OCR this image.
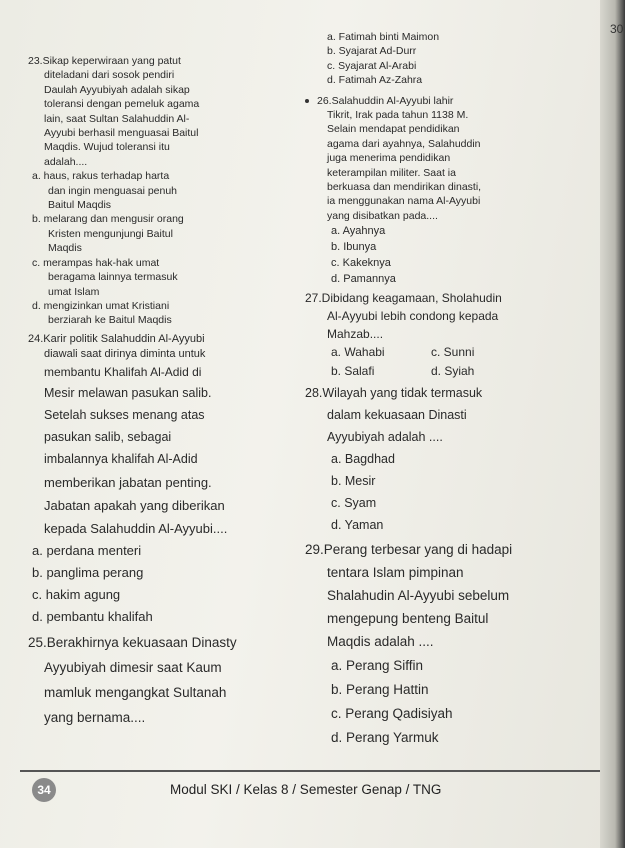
23.Sikap keperwiraan yang patut
diteladani dari sosok pendiri
Daulah Ayyubiyah adalah sikap
toleransi dengan pemeluk agama
lain, saat Sultan Salahuddin Al-
Ayyubi berhasil menguasai Baitul
Maqdis. Wujud toleransi itu
adalah....
a. haus, rakus terhadap harta
dan ingin menguasai penuh
Baitul Maqdis
b. melarang dan mengusir orang
Kristen mengunjungi Baitul
Maqdis
c. merampas hak-hak umat
beragama lainnya termasuk
umat Islam
d. mengizinkan umat Kristiani
berziarah ke Baitul Maqdis
24.Karir politik Salahuddin Al-Ayyubi
diawali saat dirinya diminta untuk
membantu Khalifah Al-Adid di
Mesir melawan pasukan salib.
Setelah sukses menang atas
pasukan salib, sebagai
imbalannya khalifah Al-Adid
memberikan jabatan penting.
Jabatan apakah yang diberikan
kepada Salahuddin Al-Ayyubi....
a. perdana menteri
b. panglima perang
c. hakim agung
d. pembantu khalifah
25.Berakhirnya kekuasaan Dinasty
Ayyubiyah dimesir saat Kaum
mamluk mengangkat Sultanah
yang bernama....
a. Fatimah binti Maimon
b. Syajarat Ad-Durr
c. Syajarat Al-Arabi
d. Fatimah Az-Zahra
26.Salahuddin Al-Ayyubi lahir
Tikrit, Irak pada tahun 1138 M.
Selain mendapat pendidikan
agama dari ayahnya, Salahuddin
juga menerima pendidikan
keterampilan militer. Saat ia
berkuasa dan mendirikan dinasti,
ia menggunakan nama Al-Ayyubi
yang disibatkan pada....
a. Ayahnya
b. Ibunya
c. Kakeknya
d. Pamannya
27.Dibidang keagamaan, Sholahudin
Al-Ayyubi lebih condong kepada
Mahzab....
a. Wahabi	c. Sunni
b. Salafi	d. Syiah
28.Wilayah yang tidak termasuk
dalam kekuasaan Dinasti
Ayyubiyah adalah ....
a. Bagdhad
b. Mesir
c. Syam
d. Yaman
29.Perang terbesar yang di hadapi
tentara Islam pimpinan
Shalahudin Al-Ayyubi sebelum
mengepung benteng Baitul
Maqdis adalah ....
a. Perang Siffin
b. Perang Hattin
c. Perang Qadisiyah
d. Perang Yarmuk
34	Modul SKI / Kelas 8 / Semester Genap / TNG
30
